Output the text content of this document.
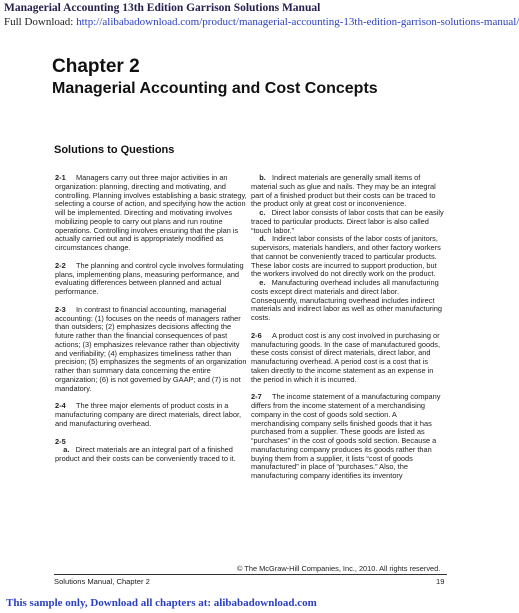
Managerial Accounting 13th Edition Garrison Solutions Manual
Full Download: http://alibabadownload.com/product/managerial-accounting-13th-edition-garrison-solutions-manual/
Chapter 2
Managerial Accounting and Cost Concepts
Solutions to Questions

2-1 Managers carry out three major activities in an organization: planning, directing and motivating, and controlling. Planning involves establishing a basic strategy, selecting a course of action, and specifying how the action will be implemented. Directing and motivating involves mobilizing people to carry out plans and run routine operations. Controlling involves ensuring that the plan is actually carried out and is appropriately modified as circumstances change.

2-2 The planning and control cycle involves formulating plans, implementing plans, measuring performance, and evaluating differences between planned and actual performance.

2-3 In contrast to financial accounting, managerial accounting: (1) focuses on the needs of managers rather than outsiders; (2) emphasizes decisions affecting the future rather than the financial consequences of past actions; (3) emphasizes relevance rather than objectivity and verifiability; (4) emphasizes timeliness rather than precision; (5) emphasizes the segments of an organization rather than summary data concerning the entire organization; (6) is not governed by GAAP; and (7) is not mandatory.

2-4 The three major elements of product costs in a manufacturing company are direct materials, direct labor, and manufacturing overhead.

2-5

a. Direct materials are an integral part of a finished product and their costs can be conveniently traced to it.

b. Indirect materials are generally small items of material such as glue and nails. They may be an integral part of a finished product but their costs can be traced to the product only at great cost or inconvenience.

c. Direct labor consists of labor costs that can be easily traced to particular products. Direct labor is also called “touch labor.”

d. Indirect labor consists of the labor costs of janitors, supervisors, materials handlers, and other factory workers that cannot be conveniently traced to particular products. These labor costs are incurred to support production, but the workers involved do not directly work on the product.

e. Manufacturing overhead includes all manufacturing costs except direct materials and direct labor. Consequently, manufacturing overhead includes indirect materials and indirect labor as well as other manufacturing costs.

2-6 A product cost is any cost involved in purchasing or manufacturing goods. In the case of manufactured goods, these costs consist of direct materials, direct labor, and manufacturing overhead. A period cost is a cost that is taken directly to the income statement as an expense in the period in which it is incurred.

2-7 The income statement of a manufacturing company differs from the income statement of a merchandising company in the cost of goods sold section. A merchandising company sells finished goods that it has purchased from a supplier. These goods are listed as “purchases” in the cost of goods sold section. Because a manufacturing company produces its goods rather than buying them from a supplier, it lists “cost of goods manufactured” in place of “purchases.” Also, the manufacturing company identifies its inventory

© The McGraw-Hill Companies, Inc., 2010. All rights reserved.
Solutions Manual, Chapter 2	19
This sample only, Download all chapters at: alibabadownload.com
